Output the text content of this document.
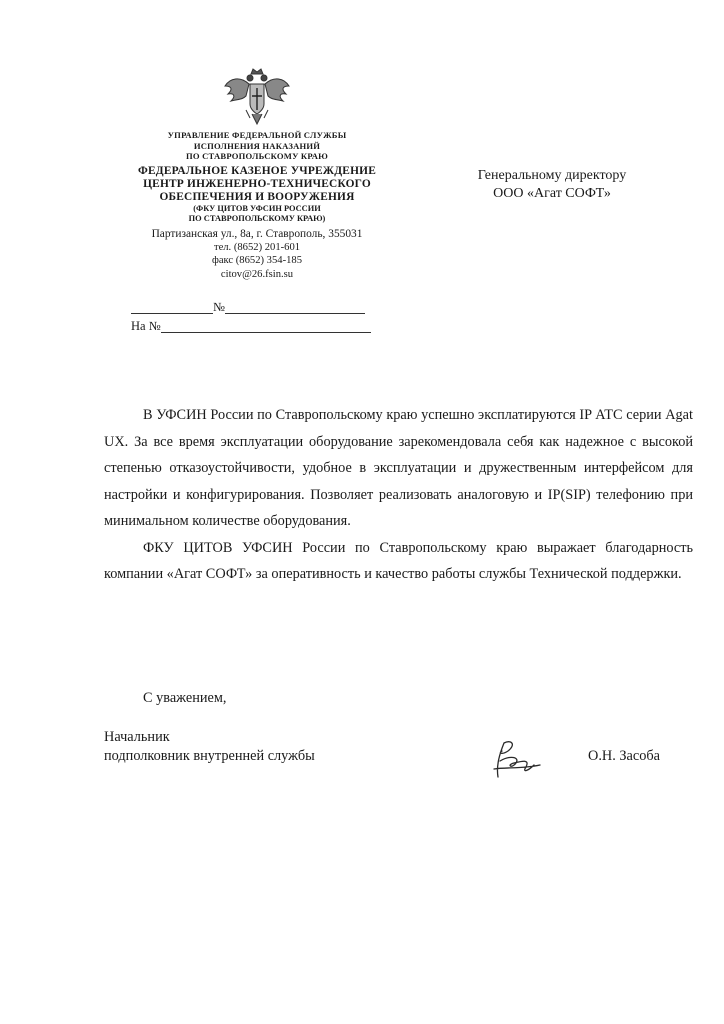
УПРАВЛЕНИЕ ФЕДЕРАЛЬНОЙ СЛУЖБЫ
ИСПОЛНЕНИЯ НАКАЗАНИЙ
ПО СТАВРОПОЛЬСКОМУ КРАЮ
ФЕДЕРАЛЬНОЕ КАЗЕНОЕ УЧРЕЖДЕНИЕ
ЦЕНТР ИНЖЕНЕРНО-ТЕХНИЧЕСКОГО
ОБЕСПЕЧЕНИЯ И ВООРУЖЕНИЯ
(ФКУ ЦИТОВ УФСИН РОССИИ
ПО СТАВРОПОЛЬСКОМУ КРАЮ)
Партизанская ул., 8а, г. Ставрополь, 355031
тел. (8652) 201-601
факс (8652) 354-185
citov@26.fsin.su
№
На №
Генеральному директору
ООО «Агат СОФТ»

В УФСИН России по Ставропольскому краю успешно эксплатируются IP АТС серии Agat UX. За все время эксплуатации оборудование зарекомендовала себя как надежное с высокой степенью отказоустойчивости, удобное в эксплуатации и дружественным интерфейсом для настройки и конфигурирования. Позволяет реализовать аналоговую и IP(SIP) телефонию при минимальном количестве оборудования.

ФКУ ЦИТОВ УФСИН России по Ставропольскому краю выражает благодарность компании «Агат СОФТ» за оперативность и качество работы службы Технической поддержки.

С уважением,
Начальник
подполковник внутренней службы	О.Н. Засоба
